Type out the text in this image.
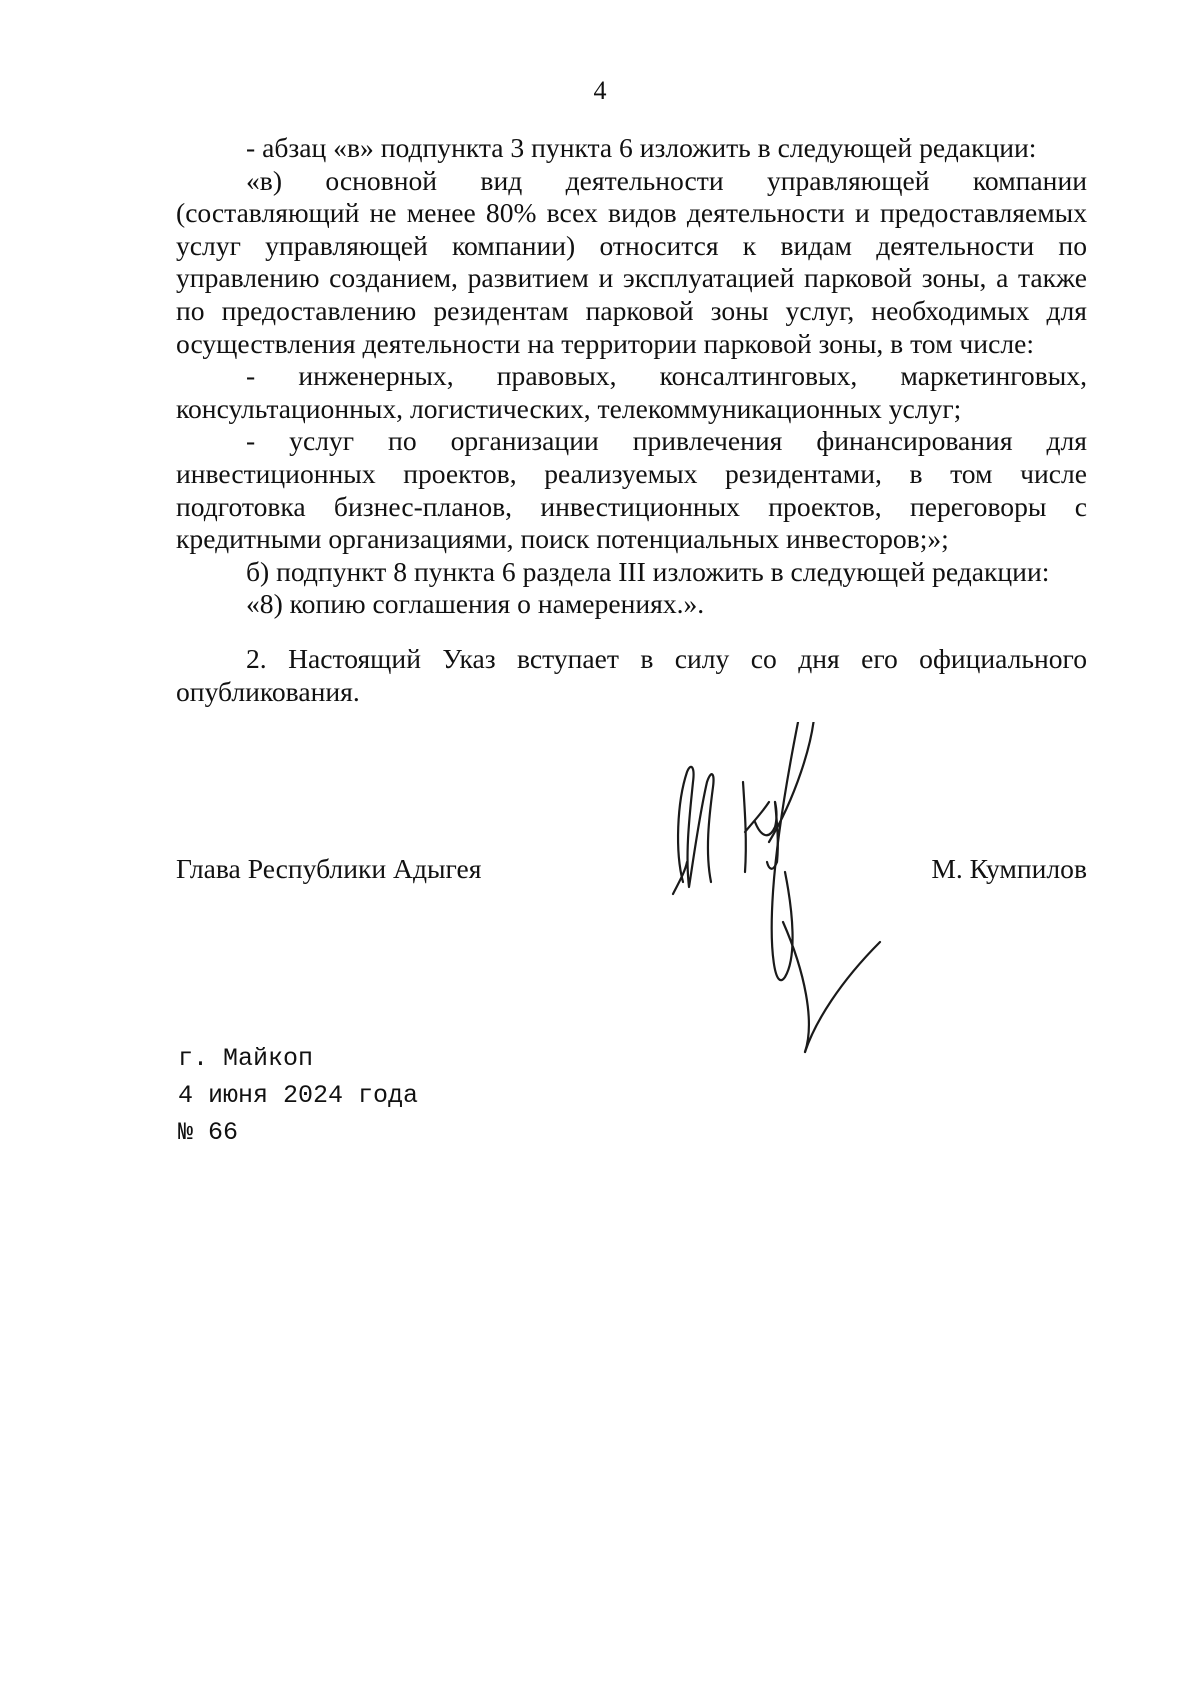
4

- абзац «в» подпункта 3 пункта 6 изложить в следующей редакции:

«в) основной вид деятельности управляющей компании (составляющий не менее 80% всех видов деятельности и предоставляемых услуг управляющей компании) относится к видам деятельности по управлению созданием, развитием и эксплуатацией парковой зоны, а также по предоставлению резидентам парковой зоны услуг, необходимых для осуществления деятельности на территории парковой зоны, в том числе:

- инженерных, правовых, консалтинговых, маркетинговых, консультационных, логистических, телекоммуникационных услуг;

- услуг по организации привлечения финансирования для инвестиционных проектов, реализуемых резидентами, в том числе подготовка бизнес-планов, инвестиционных проектов, переговоры с кредитными организациями, поиск потенциальных инвесторов;»;

б) подпункт 8 пункта 6 раздела III изложить в следующей редакции:

«8) копию соглашения о намерениях.».

2. Настоящий Указ вступает в силу со дня его официального опубликования.

Глава Республики Адыгея	М. Кумпилов
г. Майкоп
4 июня 2024 года
№ 66
